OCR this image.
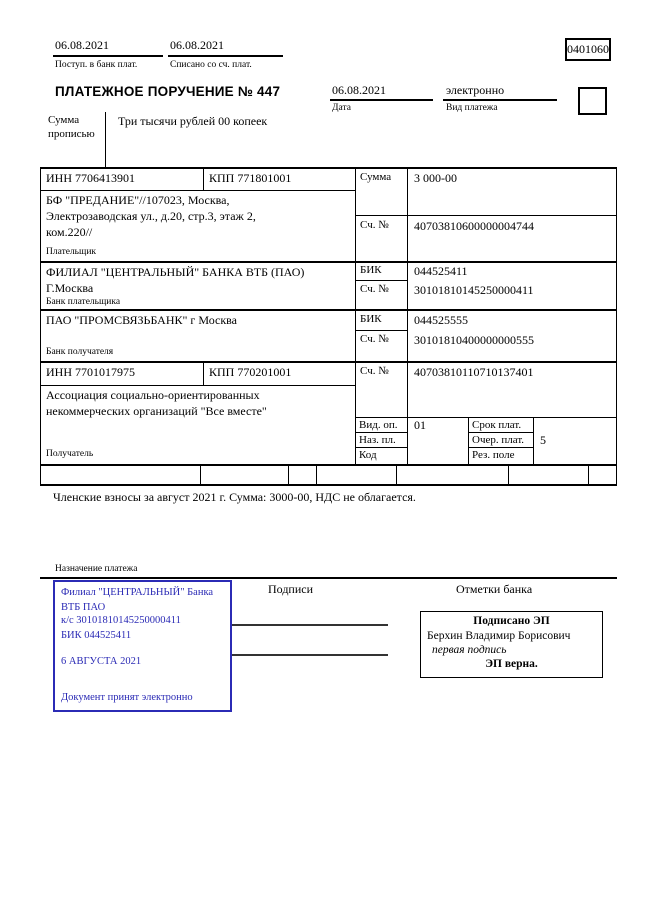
06.08.2021
Поступ. в банк плат.
06.08.2021
Списано со сч. плат.
0401060
ПЛАТЕЖНОЕ ПОРУЧЕНИЕ № 447	06.08.2021
Дата
электронно
Вид платежа
Сумма
прописью
Три тысячи рублей 00 копеек
ИНН 7706413901	КПП 771801001
БФ "ПРЕДАНИЕ"//107023, Москва, Электрозаводская ул., д.20, стр.3, этаж 2, ком.220//
Плательщик
Сумма 3 000-00
Сч. № 40703810600000004744
ФИЛИАЛ "ЦЕНТРАЛЬНЫЙ" БАНКА ВТБ (ПАО) Г.Москва
Банк плательщика
БИК	044525411
Сч. № 30101810145250000411
ПАО "ПРОМСВЯЗЬБАНК" г Москва
Банк получателя
БИК	044525555
Сч. № 30101810400000000555
ИНН 7701017975	КПП 770201001	Сч. № 40703810110710137401
Ассоциация социально-ориентированных некоммерческих организаций "Все вместе"
Получатель
Вид. оп. 01	Срок плат.
Наз. пл.	Очер. плат. 5
Код	Рез. поле
Членские взносы за август 2021 г. Сумма: 3000-00, НДС не облагается.
Назначение платежа
Филиал "ЦЕНТРАЛЬНЫЙ" Банка ВТБ ПАО
к/с 30101810145250000411
БИК 044525411
6 АВГУСТА 2021
Документ принят электронно
Подписи	Отметки банка
Подписано ЭП
Берхин Владимир Борисович
первая подпись
ЭП верна.
